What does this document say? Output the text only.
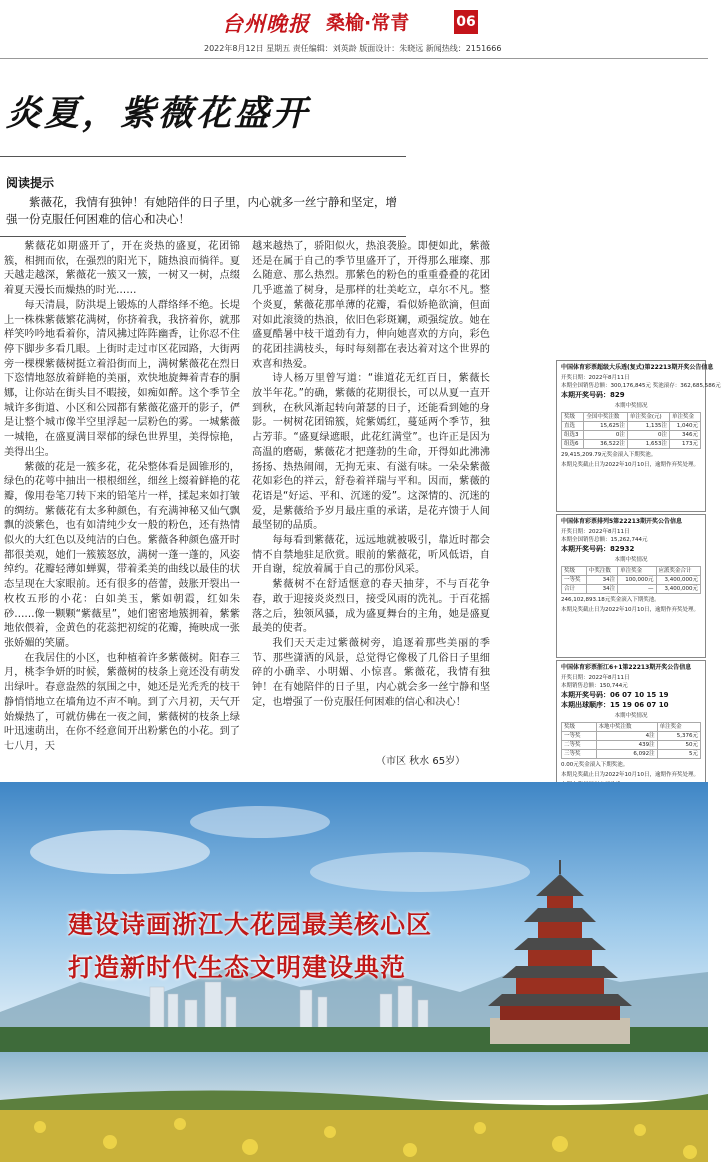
台州晚报 桑榆·常青	06
2022年8月12日 星期五 责任编辑：刘英龄 版面设计：朱晓远 新闻热线：2151666
炎夏，紫薇花盛开
阅读提示
紫薇花，我情有独钟！有她陪伴的日子里，内心就多一丝宁静和坚定，增强一份克服任何困难的信心和决心！

紫薇花如期盛开了，开在炎热的盛夏，花团锦簇，相拥而依，在强烈的阳光下，随热浪而徜徉。夏天越走越深，紫薇花一簇又一簇，一树又一树，点缀着夏天漫长而燥热的时光……

每天清晨，防洪堤上锻炼的人群络绎不绝。长堤上一株株紫薇繁花满树，你挤着我，我挤着你，就那样笑吟吟地看着你，清风拂过阵阵幽香，让你忍不住停下脚步多看几眼。上街时走过市区花园路，大街两旁一棵棵紫薇树挺立着沿街而上，满树紫薇花在烈日下恣情地怒放着鲜艳的美丽，欢快地旋舞着青春的胴娜，让你站在街头目不暇接，如痴如醉。这个季节全城许多街道、小区和公园都有紫薇花盛开的影子，俨是让整个城市像半空里浮起一层粉色的雾。一城紫薇一城艳，在盛夏满目翠郁的绿色世界里，美得惊艳，美得出尘。

紫薇的花是一簇多花，花朵整体看是圆锥形的，绿色的花萼中抽出一根根细丝，细丝上缀着鲜艳的花瓣，像用卷笔刀转下来的铅笔片一样，揉起来如打皱的绸纺。紫薇花有太多种颜色，有充满神秘又仙气飘飘的淡紫色，也有如清纯少女一般的粉色，还有热情似火的大红色以及纯洁的白色。紫薇各种颜色盛开时都很美观，她们一簇簇怒放，满树一蓬一蓬的，风姿绰约。花瓣轻薄如蝉翼，带着柔美的曲线以最佳的状态呈现在大家眼前。还有很多的蓓蕾，鼓胀开裂出一枚枚五形的小花：白如美玉，紫如朝霞，红如朱砂……像一颗颗“紫薇星”，她们密密地簇拥着，紫紫地依偎着，金黄色的花蕊把初绽的花瓣，掩映成一张张娇媚的笑靥。

在我居住的小区，也种植着许多紫薇树。阳春三月，桃李争妍的时候，紫薇树的枝条上竟还没有萌发出绿叶。春意盎然的氛围之中，她还是光秃秃的枝干静悄悄地立在墙角边不声不响。到了六月初，天气开始燥热了，可就仿佛在一夜之间，紫薇树的枝条上绿叶迅速萌出，在你不经意间开出粉紫色的小花。到了七八月，天

越来越热了，骄阳似火，热浪袭脸。即便如此，紫薇还是在属于自己的季节里盛开了，开得那么璀璨、那么随意、那么热烈。那紫色的粉色的重重叠叠的花团几乎遮盖了树身，是那样的壮美屹立，卓尔不凡。整个炎夏，紫薇花那单薄的花瓣，看似娇艳欲滴，但面对如此滚烫的热浪，依旧色彩斑斓，顽强绽放。她在盛夏酷暑中枝干道劲有力，伸向她喜欢的方向，彩色的花团挂满枝头，每时每刻都在表达着对这个世界的欢喜和热爱。

诗人杨万里曾写道：“谁道花无红百日，紫薇长放半年花。”的确，紫薇的花期很长，可以从夏一直开到秋，在秋风渐起转向萧瑟的日子，还能看到她的身影。一树树花团锦簇，姹紫嫣红，蔓延两个季节，独占芳菲。“盛夏绿遮眼，此花红满堂”。也许正是因为高温的磨砺，紫薇花才把蓬勃的生命，开得如此沸沸扬扬、热热闹闹，无拘无束、有滋有味。一朵朵紫薇花如彩色的祥云，舒卷着祥瑞与平和。因而，紫薇的花语是“好运、平和、沉迷的爱”。这深情的、沉迷的爱，是紫薇给予岁月最庄重的承诺，是花卉馈于人间最坚韧的品质。

每每看到紫薇花，远远地就被吸引，靠近时都会情不自禁地驻足欣赏。眼前的紫薇花，听风低语，自开自谢，绽放着属于自己的那份风采。

紫薇树不在舒适惬意的春天抽芽，不与百花争春，敢于迎接炎炎烈日，接受风雨的洗礼。于百花摇落之后，独领风骚，成为盛夏舞台的主角，她是盛夏最美的使者。

我们天天走过紫薇树旁，追逐着那些美丽的季节、那些潇洒的风景，总觉得它像极了几俗日子里细碎的小确幸、小明媚、小惊喜。紫薇花，我情有独钟！在有她陪伴的日子里，内心就会多一丝宁静和坚定，也增强了一份克服任何困难的信心和决心！

（市区 秋水 65岁）
中国体育彩票超级大乐透(复式)第22213期开奖公告信息
开奖日期：2022年8月11日
本期全国销售总额：300,176,845元 奖池滚存：362,685,586元
本期开奖号码：829
本期中奖情况
奖级	全国中奖注数	单注奖金(元)	单注奖金
直选	15,625注	1,135注	1,040元
组选3	0注	0注	346元
组选6	36,522注	1,653注	173元
29,415,209.79元奖金滚入下期奖池。
本期兑奖截止日为2022年10月10日，逾期作弃奖处理。
中国体育彩票排列5第22213期开奖公告信息
开奖日期：2022年8月11日
本期全国销售总额：15,262,744元
本期开奖号码：82932
本期中奖情况
奖级	中奖注数	单注奖金	应派奖金合计
一等奖	34注	100,000元	3,400,000元
合计	34注	—	3,400,000元
246,102,893.18元奖金滚入下期奖池。
本期兑奖截止日为2022年10月10日，逾期作弃奖处理。
中国体育彩票浙江6+1第22213期开奖公告信息
开奖日期：2022年8月11日
本期销售总额：150,744元
本期开奖号码：06 07 10 15 19
本期出球顺序：15 19 06 07 10
本期中奖情况
奖级	本地中奖注数	单注奖金
一等奖	4注	5,376元
二等奖	439注	50元
三等奖	6,092注	5元
0.00元奖金滚入下期奖池。
本期兑奖截止日为2022年10月10日，逾期作弃奖处理。
建设诗画浙江大花园最美核心区
打造新时代生态文明建设典范
